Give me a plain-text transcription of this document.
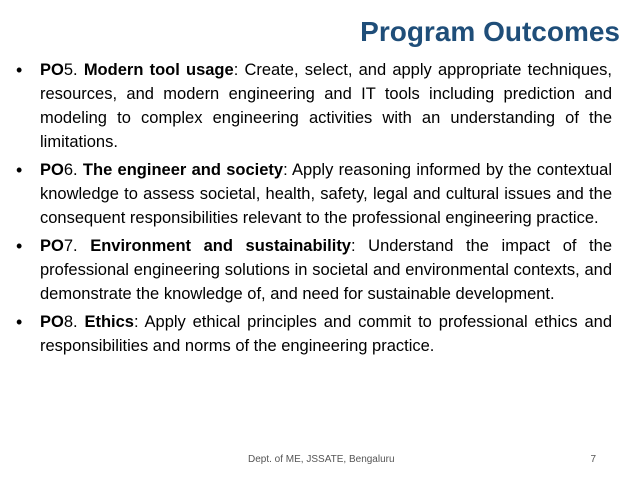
Program Outcomes
• PO5. Modern tool usage: Create, select, and apply appropriate techniques, resources, and modern engineering and IT tools including prediction and modeling to complex engineering activities with an understanding of the limitations.
• PO6. The engineer and society: Apply reasoning informed by the contextual knowledge to assess societal, health, safety, legal and cultural issues and the consequent responsibilities relevant to the professional engineering practice.
• PO7. Environment and sustainability: Understand the impact of the professional engineering solutions in societal and environmental contexts, and demonstrate the knowledge of, and need for sustainable development.
• PO8. Ethics: Apply ethical principles and commit to professional ethics and responsibilities and norms of the engineering practice.
Dept. of ME, JSSATE, Bengaluru	7
